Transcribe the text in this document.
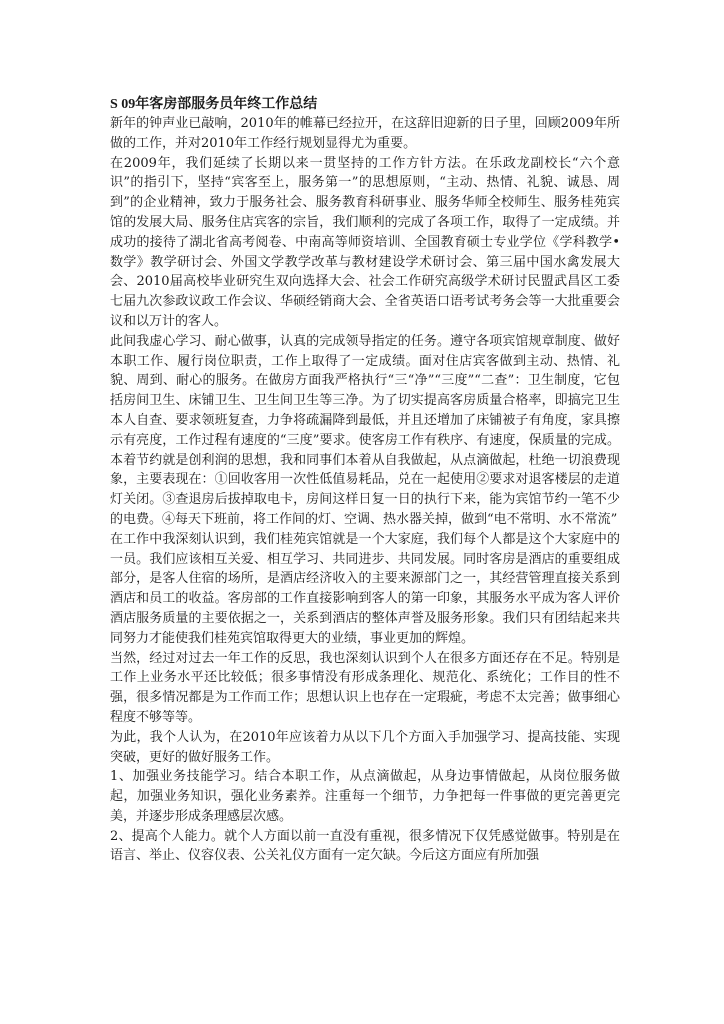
S 09年客房部服务员年终工作总结

新年的钟声业已敲响，2010年的帷幕已经拉开，在这辞旧迎新的日子里，回顾2009年所做的工作，并对2010年工作经行规划显得尤为重要。

在2009年，我们延续了长期以来一贯坚持的工作方针方法。在乐政龙副校长“六个意识”的指引下，坚持“宾客至上，服务第一”的思想原则，“主动、热情、礼貌、诚恳、周到”的企业精神，致力于服务社会、服务教育科研事业、服务华师全校师生、服务桂苑宾馆的发展大局、服务住店宾客的宗旨，我们顺利的完成了各项工作，取得了一定成绩。并成功的接待了湖北省高考阅卷、中南高等师资培训、全国教育硕士专业学位《学科教学•数学》教学研讨会、外国文学教学改革与教材建设学术研讨会、第三届中国水禽发展大会、2010届高校毕业研究生双向选择大会、社会工作研究高级学术研讨民盟武昌区工委七届九次参政议政工作会议、华硕经销商大会、全省英语口语考试考务会等一大批重要会议和以万计的客人。

此间我虚心学习、耐心做事，认真的完成领导指定的任务。遵守各项宾馆规章制度、做好本职工作、履行岗位职责，工作上取得了一定成绩。面对住店宾客做到主动、热情、礼貌、周到、耐心的服务。在做房方面我严格执行“三“净”“三度”“二查”：卫生制度，它包括房间卫生、床铺卫生、卫生间卫生等三净。为了切实提高客房质量合格率，即搞完卫生本人自查、要求领班复查，力争将疏漏降到最低，并且还增加了床铺被子有角度，家具擦示有亮度，工作过程有速度的“三度”要求。使客房工作有秩序、有速度，保质量的完成。本着节约就是创利润的思想，我和同事们本着从自我做起，从点滴做起，杜绝一切浪费现象，主要表现在：①回收客用一次性低值易耗品，兑在一起使用②要求对退客楼层的走道灯关闭。③查退房后拔掉取电卡，房间这样日复一日的执行下来，能为宾馆节约一笔不少的电费。④每天下班前，将工作间的灯、空调、热水器关掉，做到“电不常明、水不常流”

在工作中我深刻认识到，我们桂苑宾馆就是一个大家庭，我们每个人都是这个大家庭中的一员。我们应该相互关爱、相互学习、共同进步、共同发展。同时客房是酒店的重要组成部分，是客人住宿的场所，是酒店经济收入的主要来源部门之一，其经营管理直接关系到酒店和员工的收益。客房部的工作直接影响到客人的第一印象，其服务水平成为客人评价酒店服务质量的主要依据之一，关系到酒店的整体声誉及服务形象。我们只有团结起来共同努力才能使我们桂苑宾馆取得更大的业绩，事业更加的辉煌。

当然，经过对过去一年工作的反思，我也深刻认识到个人在很多方面还存在不足。特别是工作上业务水平还比较低；很多事情没有形成条理化、规范化、系统化；工作目的性不强，很多情况都是为工作而工作；思想认识上也存在一定瑕疵，考虑不太完善；做事细心程度不够等等。

为此，我个人认为，在2010年应该着力从以下几个方面入手加强学习、提高技能、实现突破，更好的做好服务工作。

1、加强业务技能学习。结合本职工作，从点滴做起，从身边事情做起，从岗位服务做起，加强业务知识，强化业务素养。注重每一个细节，力争把每一件事做的更完善更完美，并逐步形成条理感层次感。

2、提高个人能力。就个人方面以前一直没有重视，很多情况下仅凭感觉做事。特别是在语言、举止、仪容仪表、公关礼仪方面有一定欠缺。今后这方面应有所加强
